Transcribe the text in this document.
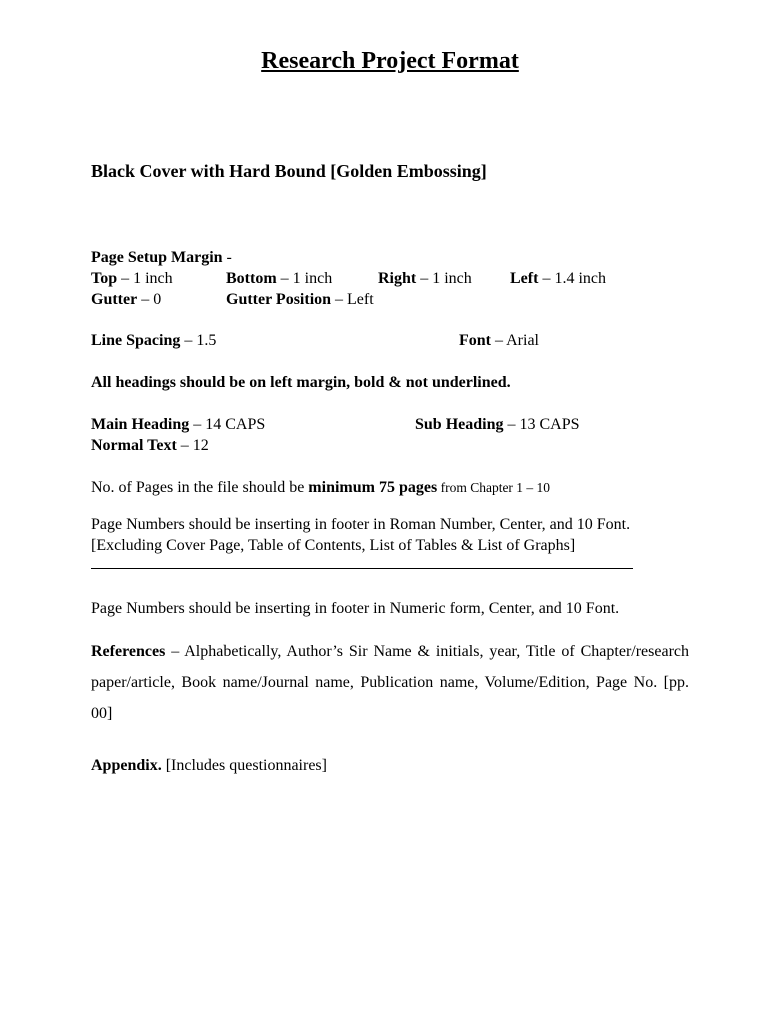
Research Project Format
Black Cover with Hard Bound [Golden Embossing]
Page Setup Margin -
Top – 1 inch	Bottom – 1 inch	Right – 1 inch Left – 1.4 inch
Gutter – 0	Gutter Position – Left
Line Spacing – 1.5	Font – Arial
All headings should be on left margin, bold & not underlined.
Main Heading – 14 CAPS	Sub Heading – 13 CAPS
Normal Text – 12
No. of Pages in the file should be minimum 75 pages from Chapter 1 – 10
Page Numbers should be inserting in footer in Roman Number, Center, and 10 Font.
[Excluding Cover Page, Table of Contents, List of Tables & List of Graphs]
Page Numbers should be inserting in footer in Numeric form, Center, and 10 Font.
References – Alphabetically, Author’s Sir Name & initials, year, Title of Chapter/research paper/article, Book name/Journal name, Publication name, Volume/Edition, Page No. [pp. 00]
Appendix. [Includes questionnaires]
